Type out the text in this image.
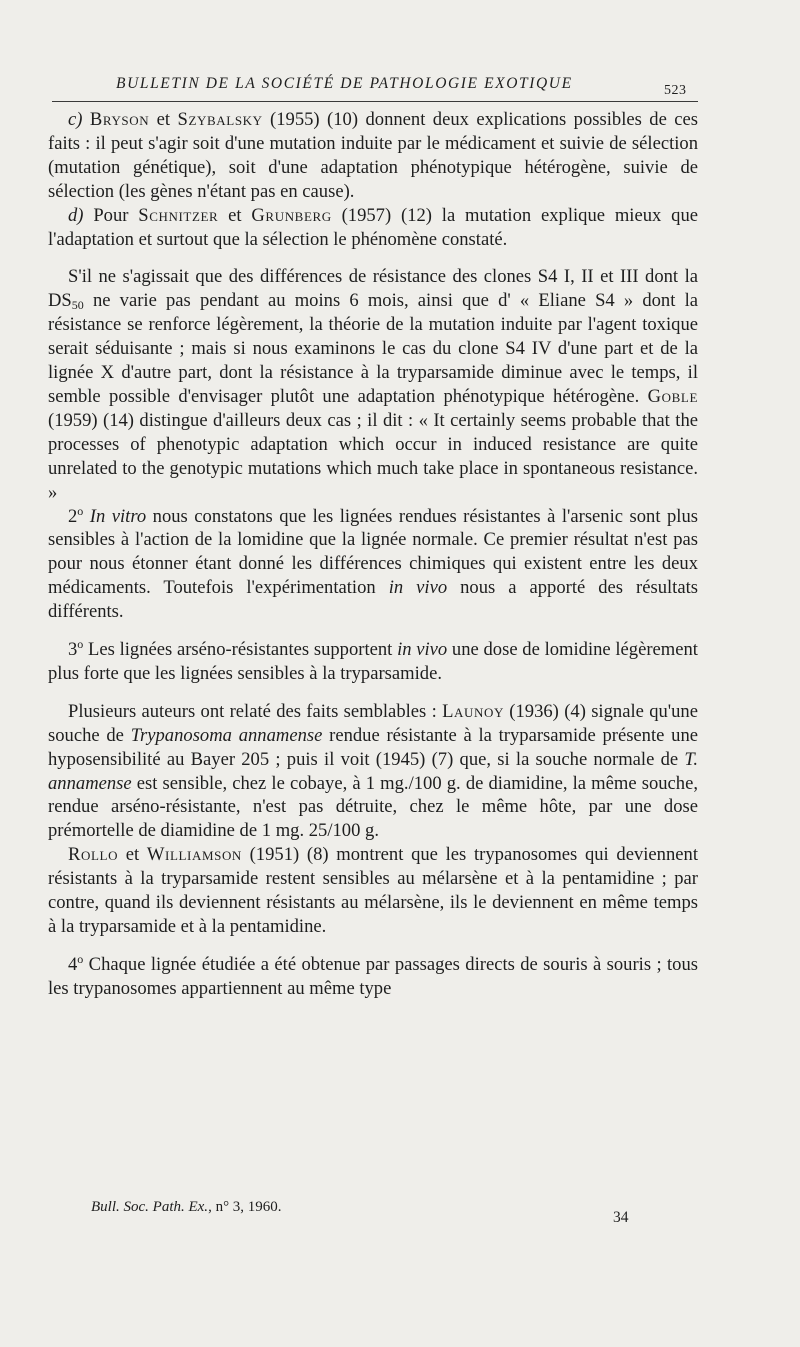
BULLETIN DE LA SOCIÉTÉ DE PATHOLOGIE EXOTIQUE	523

c) Bryson et Szybalsky (1955) (10) donnent deux explications possibles de ces faits : il peut s'agir soit d'une mutation induite par le médicament et suivie de sélection (mutation génétique), soit d'une adaptation phénotypique hétérogène, suivie de sélection (les gènes n'étant pas en cause).

d) Pour Schnitzer et Grunberg (1957) (12) la mutation explique mieux que l'adaptation et surtout que la sélection le phénomène constaté.

S'il ne s'agissait que des différences de résistance des clones S4 I, II et III dont la $DS_{50}$ ne varie pas pendant au moins 6 mois, ainsi que d' « Eliane S4 » dont la résistance se renforce légèrement, la théorie de la mutation induite par l'agent toxique serait séduisante ; mais si nous examinons le cas du clone S4 IV d'une part et de la lignée X d'autre part, dont la résistance à la tryparsamide diminue avec le temps, il semble possible d'envisager plutôt une adaptation phénotypique hétérogène. Goble (1959) (14) distingue d'ailleurs deux cas ; il dit : « It certainly seems probable that the processes of phenotypic adaptation which occur in induced resistance are quite unrelated to the genotypic mutations which much take place in spontaneous resistance. »

2$^o$ In vitro nous constatons que les lignées rendues résistantes à l'arsenic sont plus sensibles à l'action de la lomidine que la lignée normale. Ce premier résultat n'est pas pour nous étonner étant donné les différences chimiques qui existent entre les deux médicaments. Toutefois l'expérimentation in vivo nous a apporté des résultats différents.

3$^o$ Les lignées arséno-résistantes supportent in vivo une dose de lomidine légèrement plus forte que les lignées sensibles à la tryparsamide.

Plusieurs auteurs ont relaté des faits semblables : Launoy (1936) (4) signale qu'une souche de Trypanosoma annamense rendue résistante à la tryparsamide présente une hyposensibilité au Bayer 205 ; puis il voit (1945) (7) que, si la souche normale de T. annamense est sensible, chez le cobaye, à 1 mg./100 g. de diamidine, la même souche, rendue arséno-résistante, n'est pas détruite, chez le même hôte, par une dose prémortelle de diamidine de 1 mg. 25/100 g.

Rollo et Williamson (1951) (8) montrent que les trypanosomes qui deviennent résistants à la tryparsamide restent sensibles au mélarsène et à la pentamidine ; par contre, quand ils deviennent résistants au mélarsène, ils le deviennent en même temps à la tryparsamide et à la pentamidine.

4$^o$ Chaque lignée étudiée a été obtenue par passages directs de souris à souris ; tous les trypanosomes appartiennent au même type

Bull. Soc. Path. Ex., n° 3, 1960.
34
